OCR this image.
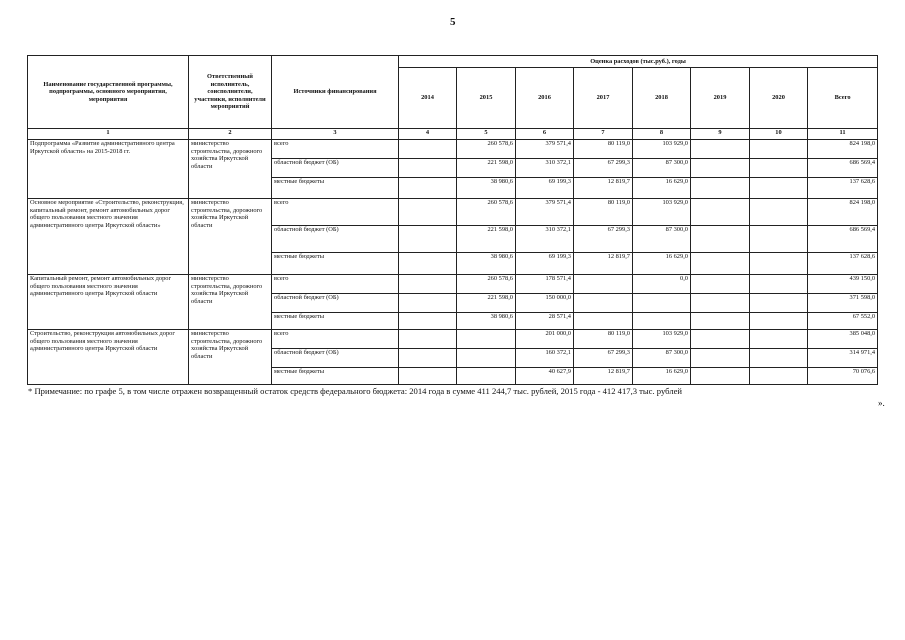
5
Наименование государственной программы, подпрограммы, основного мероприятия, мероприятия	Ответственный исполнитель, соисполнители, участники, исполнители мероприятий	Источники финансирования	Оценка расходов (тыс.руб.), годы							
			2014	2015	2016	2017	2018	2019	2020	Всего
1	2	3	4	5	6	7	8	9	10	11
Подпрограмма «Развитие административного центра Иркутской области» на 2015-2018 гг.	министерство строительства, дорожного хозяйства Иркутской области	всего		260 578,6	379 571,4	80 119,0	103 929,0			824 198,0
		областной бюджет (ОБ)		221 598,0	310 372,1	67 299,3	87 300,0			686 569,4
		местные бюджеты		38 980,6	69 199,3	12 819,7	16 629,0			137 628,6
Основное мероприятие «Строительство, реконструкция, капитальный ремонт, ремонт автомобильных дорог общего пользования местного значения административного центра Иркутской области»	министерство строительства, дорожного хозяйства Иркутской области	всего		260 578,6	379 571,4	80 119,0	103 929,0			824 198,0
		областной бюджет (ОБ)		221 598,0	310 372,1	67 299,3	87 300,0			686 569,4
		местные бюджеты		38 980,6	69 199,3	12 819,7	16 629,0			137 628,6
Капитальный ремонт, ремонт автомобильных дорог общего пользования местного значения административного центра Иркутской области	министерство строительства, дорожного хозяйства Иркутской области	всего		260 578,6	178 571,4		0,0			439 150,0
		областной бюджет (ОБ)		221 598,0	150 000,0					371 598,0
		местные бюджеты		38 980,6	28 571,4					67 552,0
Строительство, реконструкция автомобильных дорог общего пользования местного значения административного центра Иркутской области	министерство строительства, дорожного хозяйства Иркутской области	всего			201 000,0	80 119,0	103 929,0			385 048,0
		областной бюджет (ОБ)			160 372,1	67 299,3	87 300,0			314 971,4
		местные бюджеты			40 627,9	12 819,7	16 629,0			70 076,6
* Примечание: по графе 5, в том числе отражен возвращенный остаток средств федерального бюджета: 2014 года в сумме 411 244,7 тыс. рублей, 2015 года - 412 417,3 тыс. рублей
».
